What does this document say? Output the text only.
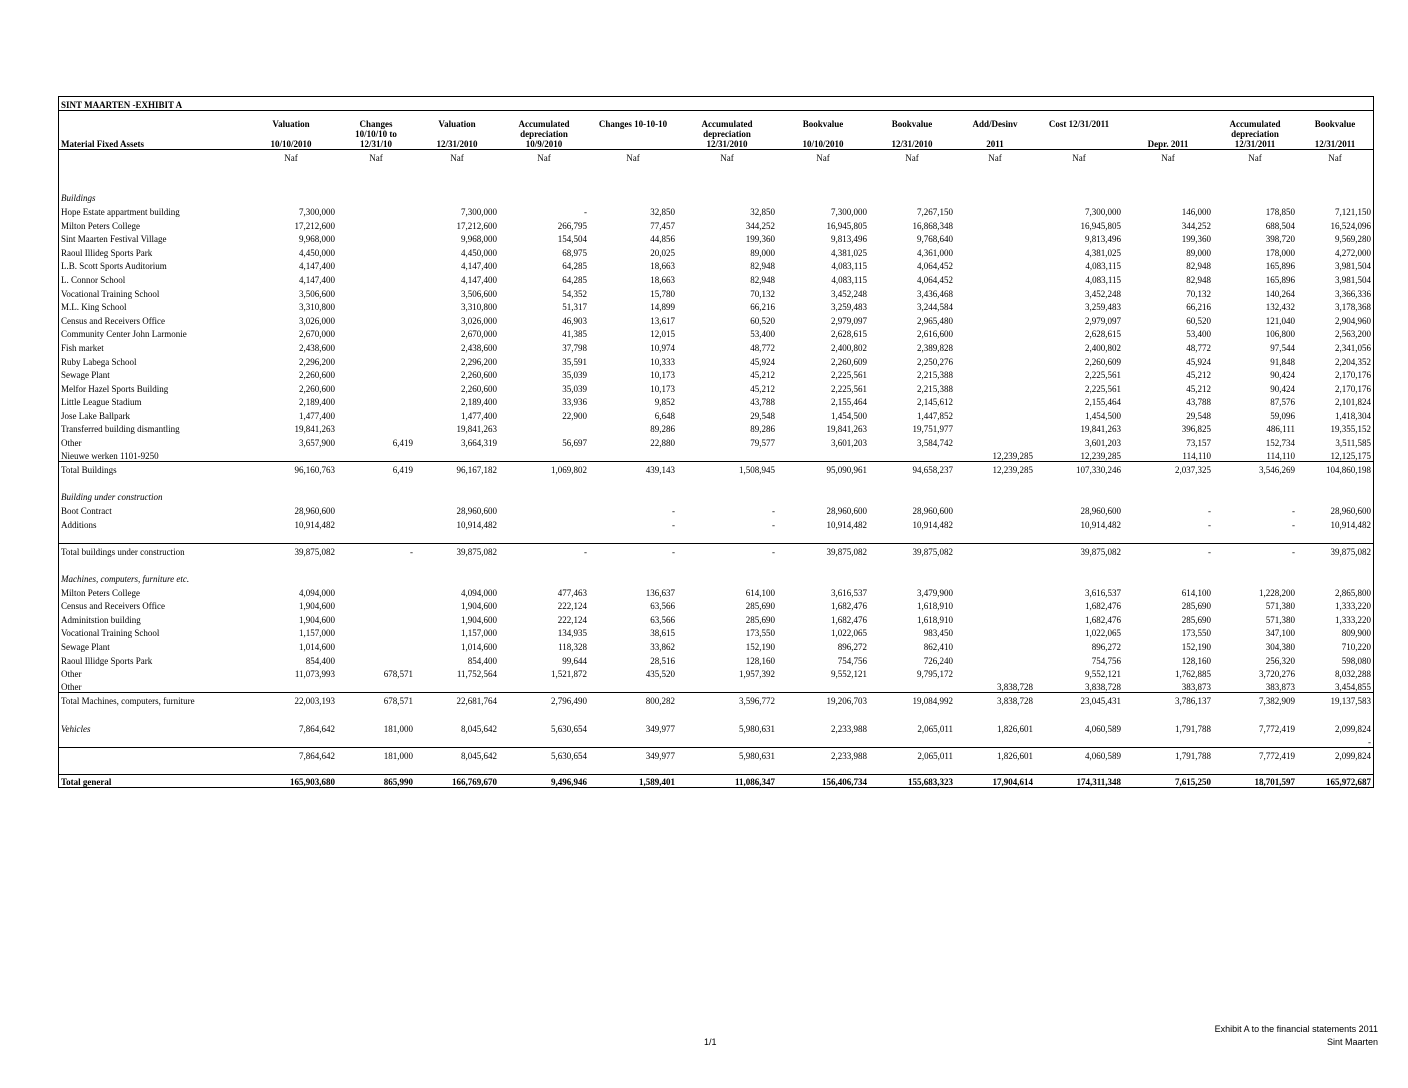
SINT MAARTEN -EXHIBIT A													
	Valuation	Changes	Valuation	Accumulated	Changes 10-10-10	Accumulated	Bookvalue	Bookvalue	Add/Desinv	Cost 12/31/2011		Accumulated	Bookvalue
		10/10/10 to		depreciation		depreciation						depreciation	
Material Fixed Assets	10/10/2010	12/31/10	12/31/2010	10/9/2010		12/31/2010	10/10/2010	12/31/2010	2011		Depr. 2011	12/31/2011	12/31/2011
	Naf	Naf	Naf	Naf	Naf	Naf	Naf	Naf	Naf	Naf	Naf	Naf	Naf

Buildings													
Hope Estate appartment building	7,300,000		7,300,000	-	32,850	32,850	7,300,000	7,267,150		7,300,000	146,000	178,850	7,121,150
Milton Peters College	17,212,600		17,212,600	266,795	77,457	344,252	16,945,805	16,868,348		16,945,805	344,252	688,504	16,524,096
Sint Maarten Festival Village	9,968,000		9,968,000	154,504	44,856	199,360	9,813,496	9,768,640		9,813,496	199,360	398,720	9,569,280
Raoul Illideg Sports Park	4,450,000		4,450,000	68,975	20,025	89,000	4,381,025	4,361,000		4,381,025	89,000	178,000	4,272,000
L.B. Scott Sports Auditorium	4,147,400		4,147,400	64,285	18,663	82,948	4,083,115	4,064,452		4,083,115	82,948	165,896	3,981,504
L. Connor School	4,147,400		4,147,400	64,285	18,663	82,948	4,083,115	4,064,452		4,083,115	82,948	165,896	3,981,504
Vocational Training School	3,506,600		3,506,600	54,352	15,780	70,132	3,452,248	3,436,468		3,452,248	70,132	140,264	3,366,336
M.L. King School	3,310,800		3,310,800	51,317	14,899	66,216	3,259,483	3,244,584		3,259,483	66,216	132,432	3,178,368
Census and Receivers Office	3,026,000		3,026,000	46,903	13,617	60,520	2,979,097	2,965,480		2,979,097	60,520	121,040	2,904,960
Community Center John Larmonie	2,670,000		2,670,000	41,385	12,015	53,400	2,628,615	2,616,600		2,628,615	53,400	106,800	2,563,200
Fish market	2,438,600		2,438,600	37,798	10,974	48,772	2,400,802	2,389,828		2,400,802	48,772	97,544	2,341,056
Ruby Labega School	2,296,200		2,296,200	35,591	10,333	45,924	2,260,609	2,250,276		2,260,609	45,924	91,848	2,204,352
Sewage Plant	2,260,600		2,260,600	35,039	10,173	45,212	2,225,561	2,215,388		2,225,561	45,212	90,424	2,170,176
Melfor Hazel Sports Building	2,260,600		2,260,600	35,039	10,173	45,212	2,225,561	2,215,388		2,225,561	45,212	90,424	2,170,176
Little League Stadium	2,189,400		2,189,400	33,936	9,852	43,788	2,155,464	2,145,612		2,155,464	43,788	87,576	2,101,824
Jose Lake Ballpark	1,477,400		1,477,400	22,900	6,648	29,548	1,454,500	1,447,852		1,454,500	29,548	59,096	1,418,304
Transferred building dismantling	19,841,263		19,841,263		89,286	89,286	19,841,263	19,751,977		19,841,263	396,825	486,111	19,355,152
Other	3,657,900	6,419	3,664,319	56,697	22,880	79,577	3,601,203	3,584,742		3,601,203	73,157	152,734	3,511,585
Nieuwe werken 1101-9250									12,239,285	12,239,285	114,110	114,110	12,125,175
Total Buildings	96,160,763	6,419	96,167,182	1,069,802	439,143	1,508,945	95,090,961	94,658,237	12,239,285	107,330,246	2,037,325	3,546,269	104,860,198

Building under construction													
Boot Contract	28,960,600		28,960,600		-	-	28,960,600	28,960,600		28,960,600	-	-	28,960,600
Additions	10,914,482		10,914,482		-	-	10,914,482	10,914,482		10,914,482	-	-	10,914,482

Total buildings under construction	39,875,082	-	39,875,082	-	-	-	39,875,082	39,875,082		39,875,082	-	-	39,875,082

Machines, computers, furniture etc.													
Milton Peters College	4,094,000		4,094,000	477,463	136,637	614,100	3,616,537	3,479,900		3,616,537	614,100	1,228,200	2,865,800
Census and Receivers Office	1,904,600		1,904,600	222,124	63,566	285,690	1,682,476	1,618,910		1,682,476	285,690	571,380	1,333,220
Adminitstion building	1,904,600		1,904,600	222,124	63,566	285,690	1,682,476	1,618,910		1,682,476	285,690	571,380	1,333,220
Vocational Training School	1,157,000		1,157,000	134,935	38,615	173,550	1,022,065	983,450		1,022,065	173,550	347,100	809,900
Sewage Plant	1,014,600		1,014,600	118,328	33,862	152,190	896,272	862,410		896,272	152,190	304,380	710,220
Raoul Illidge Sports Park	854,400		854,400	99,644	28,516	128,160	754,756	726,240		754,756	128,160	256,320	598,080
Other	11,073,993	678,571	11,752,564	1,521,872	435,520	1,957,392	9,552,121	9,795,172		9,552,121	1,762,885	3,720,276	8,032,288
Other									3,838,728	3,838,728	383,873	383,873	3,454,855
Total Machines, computers, furniture	22,003,193	678,571	22,681,764	2,796,490	800,282	3,596,772	19,206,703	19,084,992	3,838,728	23,045,431	3,786,137	7,382,909	19,137,583

Vehicles	7,864,642	181,000	8,045,642	5,630,654	349,977	5,980,631	2,233,988	2,065,011	1,826,601	4,060,589	1,791,788	7,772,419	2,099,824
													-
	7,864,642	181,000	8,045,642	5,630,654	349,977	5,980,631	2,233,988	2,065,011	1,826,601	4,060,589	1,791,788	7,772,419	2,099,824

Total general	165,903,680	865,990	166,769,670	9,496,946	1,589,401	11,086,347	156,406,734	155,683,323	17,904,614	174,311,348	7,615,250	18,701,597	165,972,687
1/1
Exhibit A to the financial statements 2011
Sint Maarten
